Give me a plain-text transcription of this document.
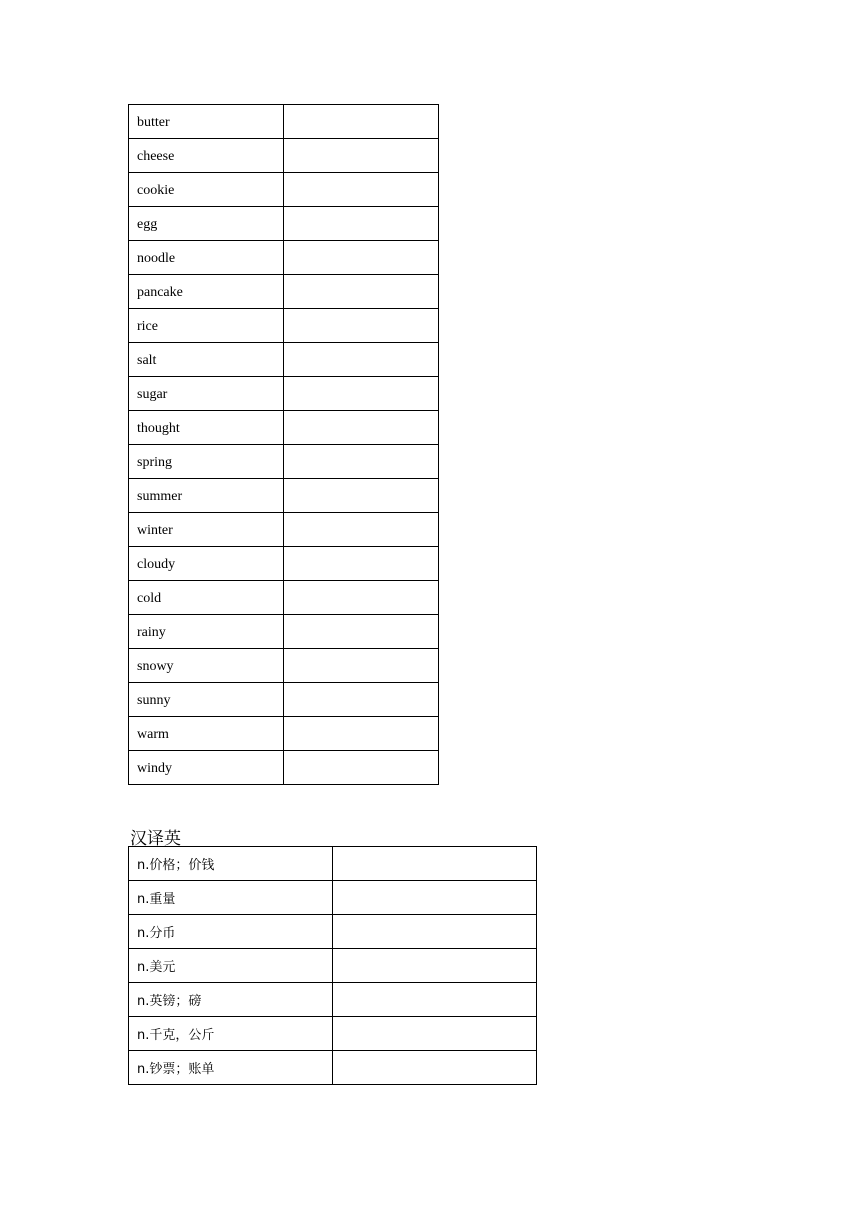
butter	
cheese	
cookie	
egg	
noodle	
pancake	
rice	
salt	
sugar	
thought	
spring	
summer	
winter	
cloudy	
cold	
rainy	
snowy	
sunny	
warm	
windy	
汉译英
n.价格；价钱	
n.重量	
n.分币	
n.美元	
n.英镑；磅	
n.千克，公斤	
n.钞票；账单	
